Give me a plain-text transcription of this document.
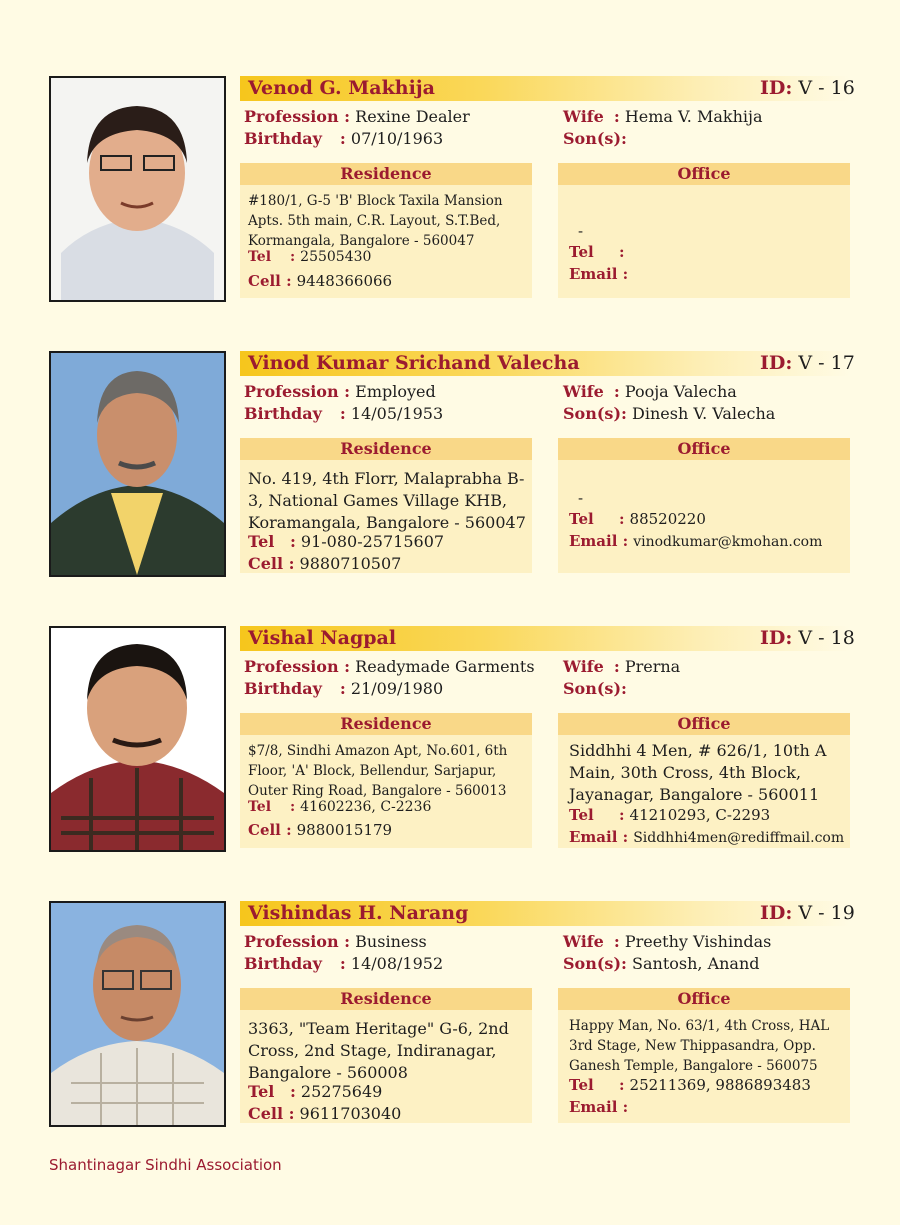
Venod G. Makhija	ID: V - 16
Profession : Rexine Dealer
Birthday : 07/10/1963
Wife : Hema V. Makhija
Son(s):
Residence
#180/1, G-5 'B' Block Taxila Mansion Apts. 5th main, C.R. Layout, S.T.Bed, Kormangala, Bangalore - 560047
Tel : 25505430
Cell : 9448366066
Office
-
Tel :
Email :
Vinod Kumar Srichand Valecha	ID: V - 17
Profession : Employed
Birthday : 14/05/1953
Wife : Pooja Valecha
Son(s): Dinesh V. Valecha
Residence
No. 419, 4th Florr, Malaprabha B-3, National Games Village KHB, Koramangala, Bangalore - 560047
Tel : 91-080-25715607
Cell : 9880710507
Office
-
Tel : 88520220
Email : vinodkumar@kmohan.com
Vishal Nagpal	ID: V - 18
Profession : Readymade Garments
Birthday : 21/09/1980
Wife : Prerna
Son(s):
Residence
$7/8, Sindhi Amazon Apt, No.601, 6th Floor, 'A' Block, Bellendur, Sarjapur, Outer Ring Road, Bangalore - 560013
Tel : 41602236, C-2236
Cell : 9880015179
Office
Siddhhi 4 Men, # 626/1, 10th A Main, 30th Cross, 4th Block, Jayanagar, Bangalore - 560011
Tel : 41210293, C-2293
Email : Siddhhi4men@rediffmail.com
Vishindas H. Narang	ID: V - 19
Profession : Business
Birthday : 14/08/1952
Wife : Preethy Vishindas
Son(s): Santosh, Anand
Residence
3363, "Team Heritage" G-6, 2nd Cross, 2nd Stage, Indiranagar, Bangalore - 560008
Tel : 25275649
Cell : 9611703040
Office
Happy Man, No. 63/1, 4th Cross, HAL 3rd Stage, New Thippasandra, Opp. Ganesh Temple, Bangalore - 560075
Tel : 25211369, 9886893483
Email :
Shantinagar Sindhi Association
